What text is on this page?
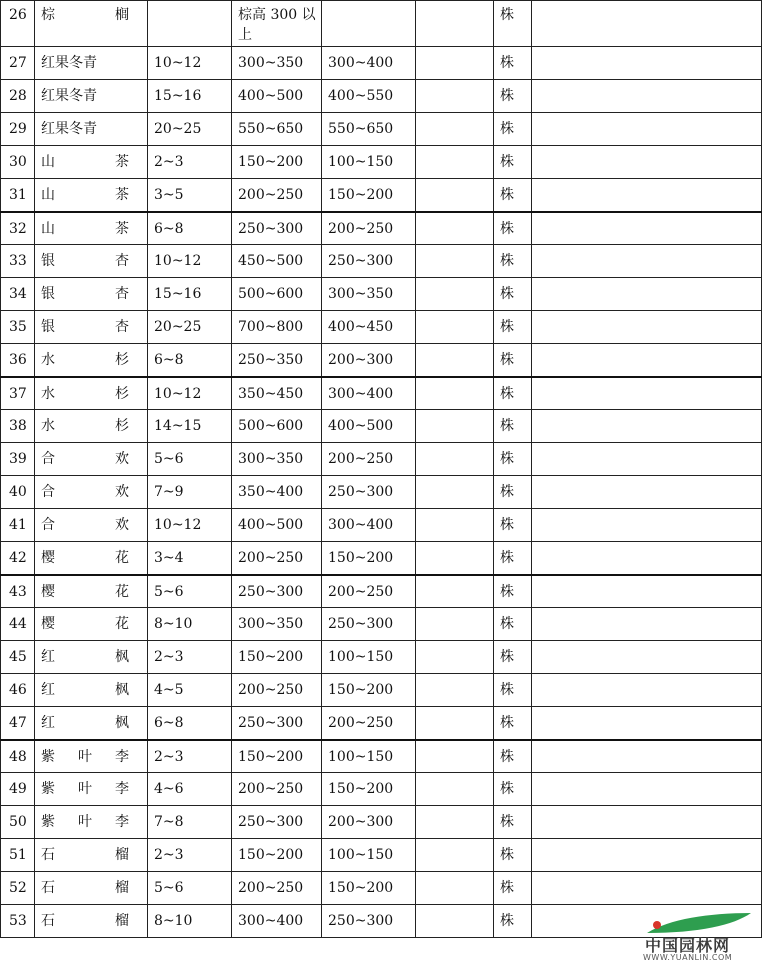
26	棕 榈		棕高 300 以上			株	
27	红果冬青	10~12	300~350	300~400		株	
28	红果冬青	15~16	400~500	400~550		株	
29	红果冬青	20~25	550~650	550~650		株	
30	山 茶	2~3	150~200	100~150		株	
31	山 茶	3~5	200~250	150~200		株	
32	山 茶	6~8	250~300	200~250		株	
33	银 杏	10~12	450~500	250~300		株	
34	银 杏	15~16	500~600	300~350		株	
35	银 杏	20~25	700~800	400~450		株	
36	水 杉	6~8	250~350	200~300		株	
37	水 杉	10~12	350~450	300~400		株	
38	水 杉	14~15	500~600	400~500		株	
39	合 欢	5~6	300~350	200~250		株	
40	合 欢	7~9	350~400	250~300		株	
41	合 欢	10~12	400~500	300~400		株	
42	樱 花	3~4	200~250	150~200		株	
43	樱 花	5~6	250~300	200~250		株	
44	樱 花	8~10	300~350	250~300		株	
45	红 枫	2~3	150~200	100~150		株	
46	红 枫	4~5	200~250	150~200		株	
47	红 枫	6~8	250~300	200~250		株	
48	紫 叶 李	2~3	150~200	100~150		株	
49	紫 叶 李	4~6	200~250	150~200		株	
50	紫 叶 李	7~8	250~300	200~300		株	
51	石 榴	2~3	150~200	100~150		株	
52	石 榴	5~6	200~250	150~200		株	
53	石 榴	8~10	300~400	250~300		株	
中国园林网
WWW.YUANLIN.COM
